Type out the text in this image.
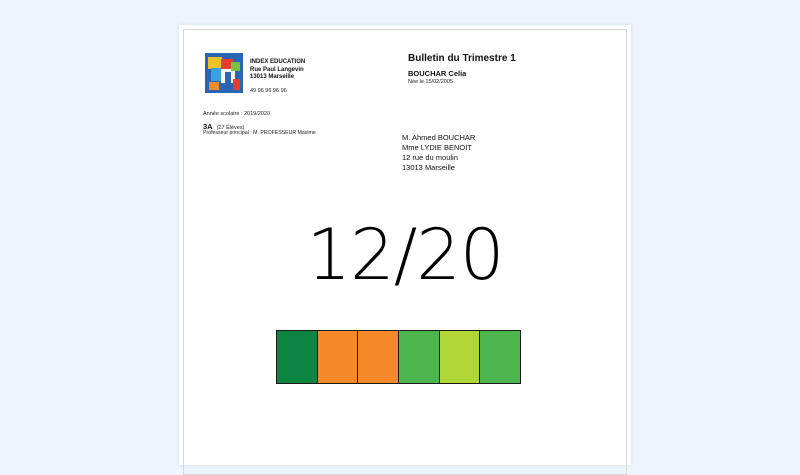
INDEX EDUCATION
Rue Paul Langevin
13013 Marseille
49 96 96 96 96
Bulletin du Trimestre 1
BOUCHAR Celia
Née le 15/02/2005
Année scolaire : 2019/2020
3A (27 Élèves)
Professeur principal : M. PROFESSEUR Maxime	M. Ahmed BOUCHAR
Mme LYDIE BENOIT
12 rue du moulin
13013 Marseille
12/20
